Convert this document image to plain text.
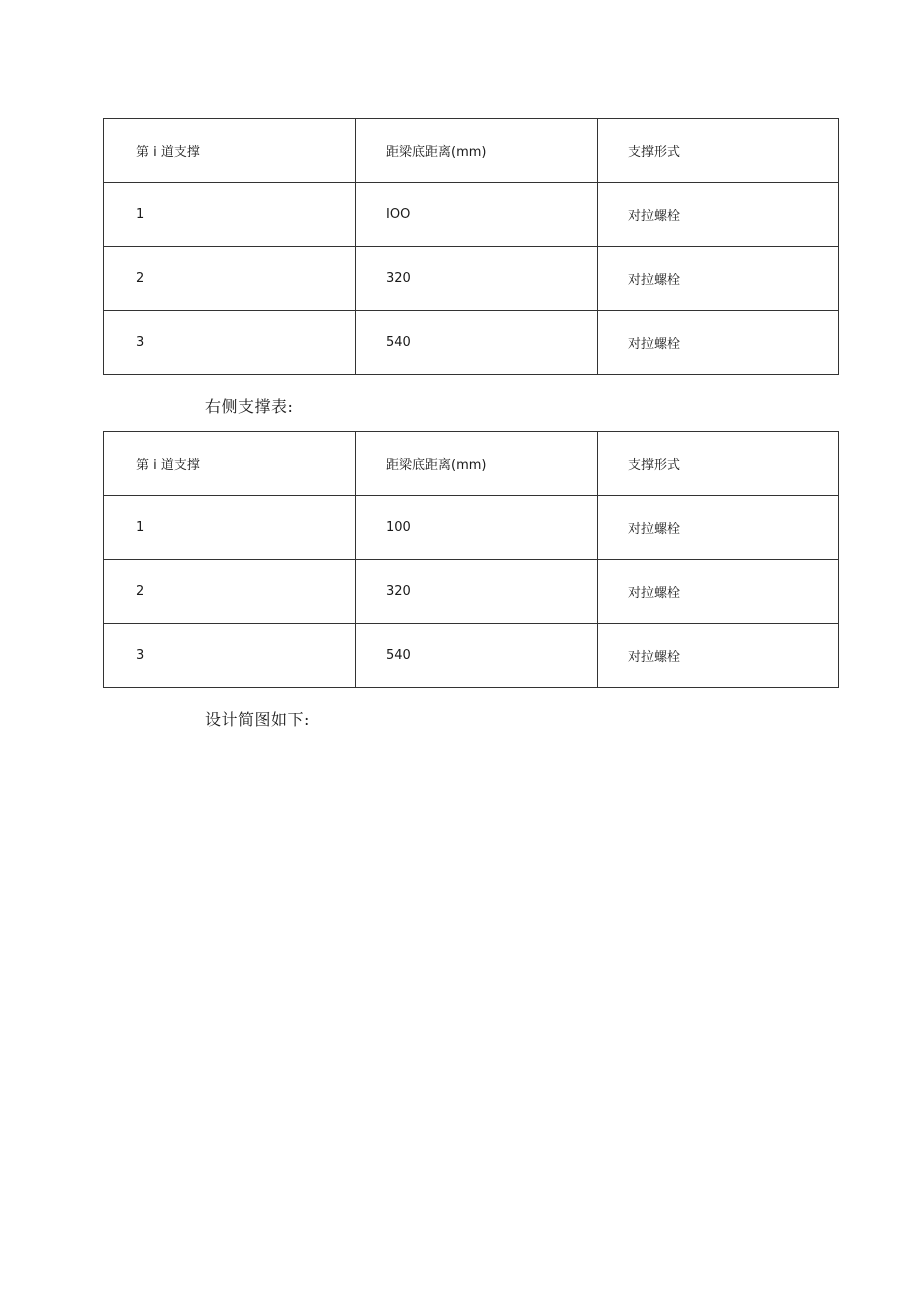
第 i 道支撑	距梁底距离(mm)	支撑形式
1	IOO	对拉螺栓
2	320	对拉螺栓
3	540	对拉螺栓

右侧支撑表:

第 i 道支撑	距梁底距离(mm)	支撑形式
1	100	对拉螺栓
2	320	对拉螺栓
3	540	对拉螺栓

设计简图如下:
